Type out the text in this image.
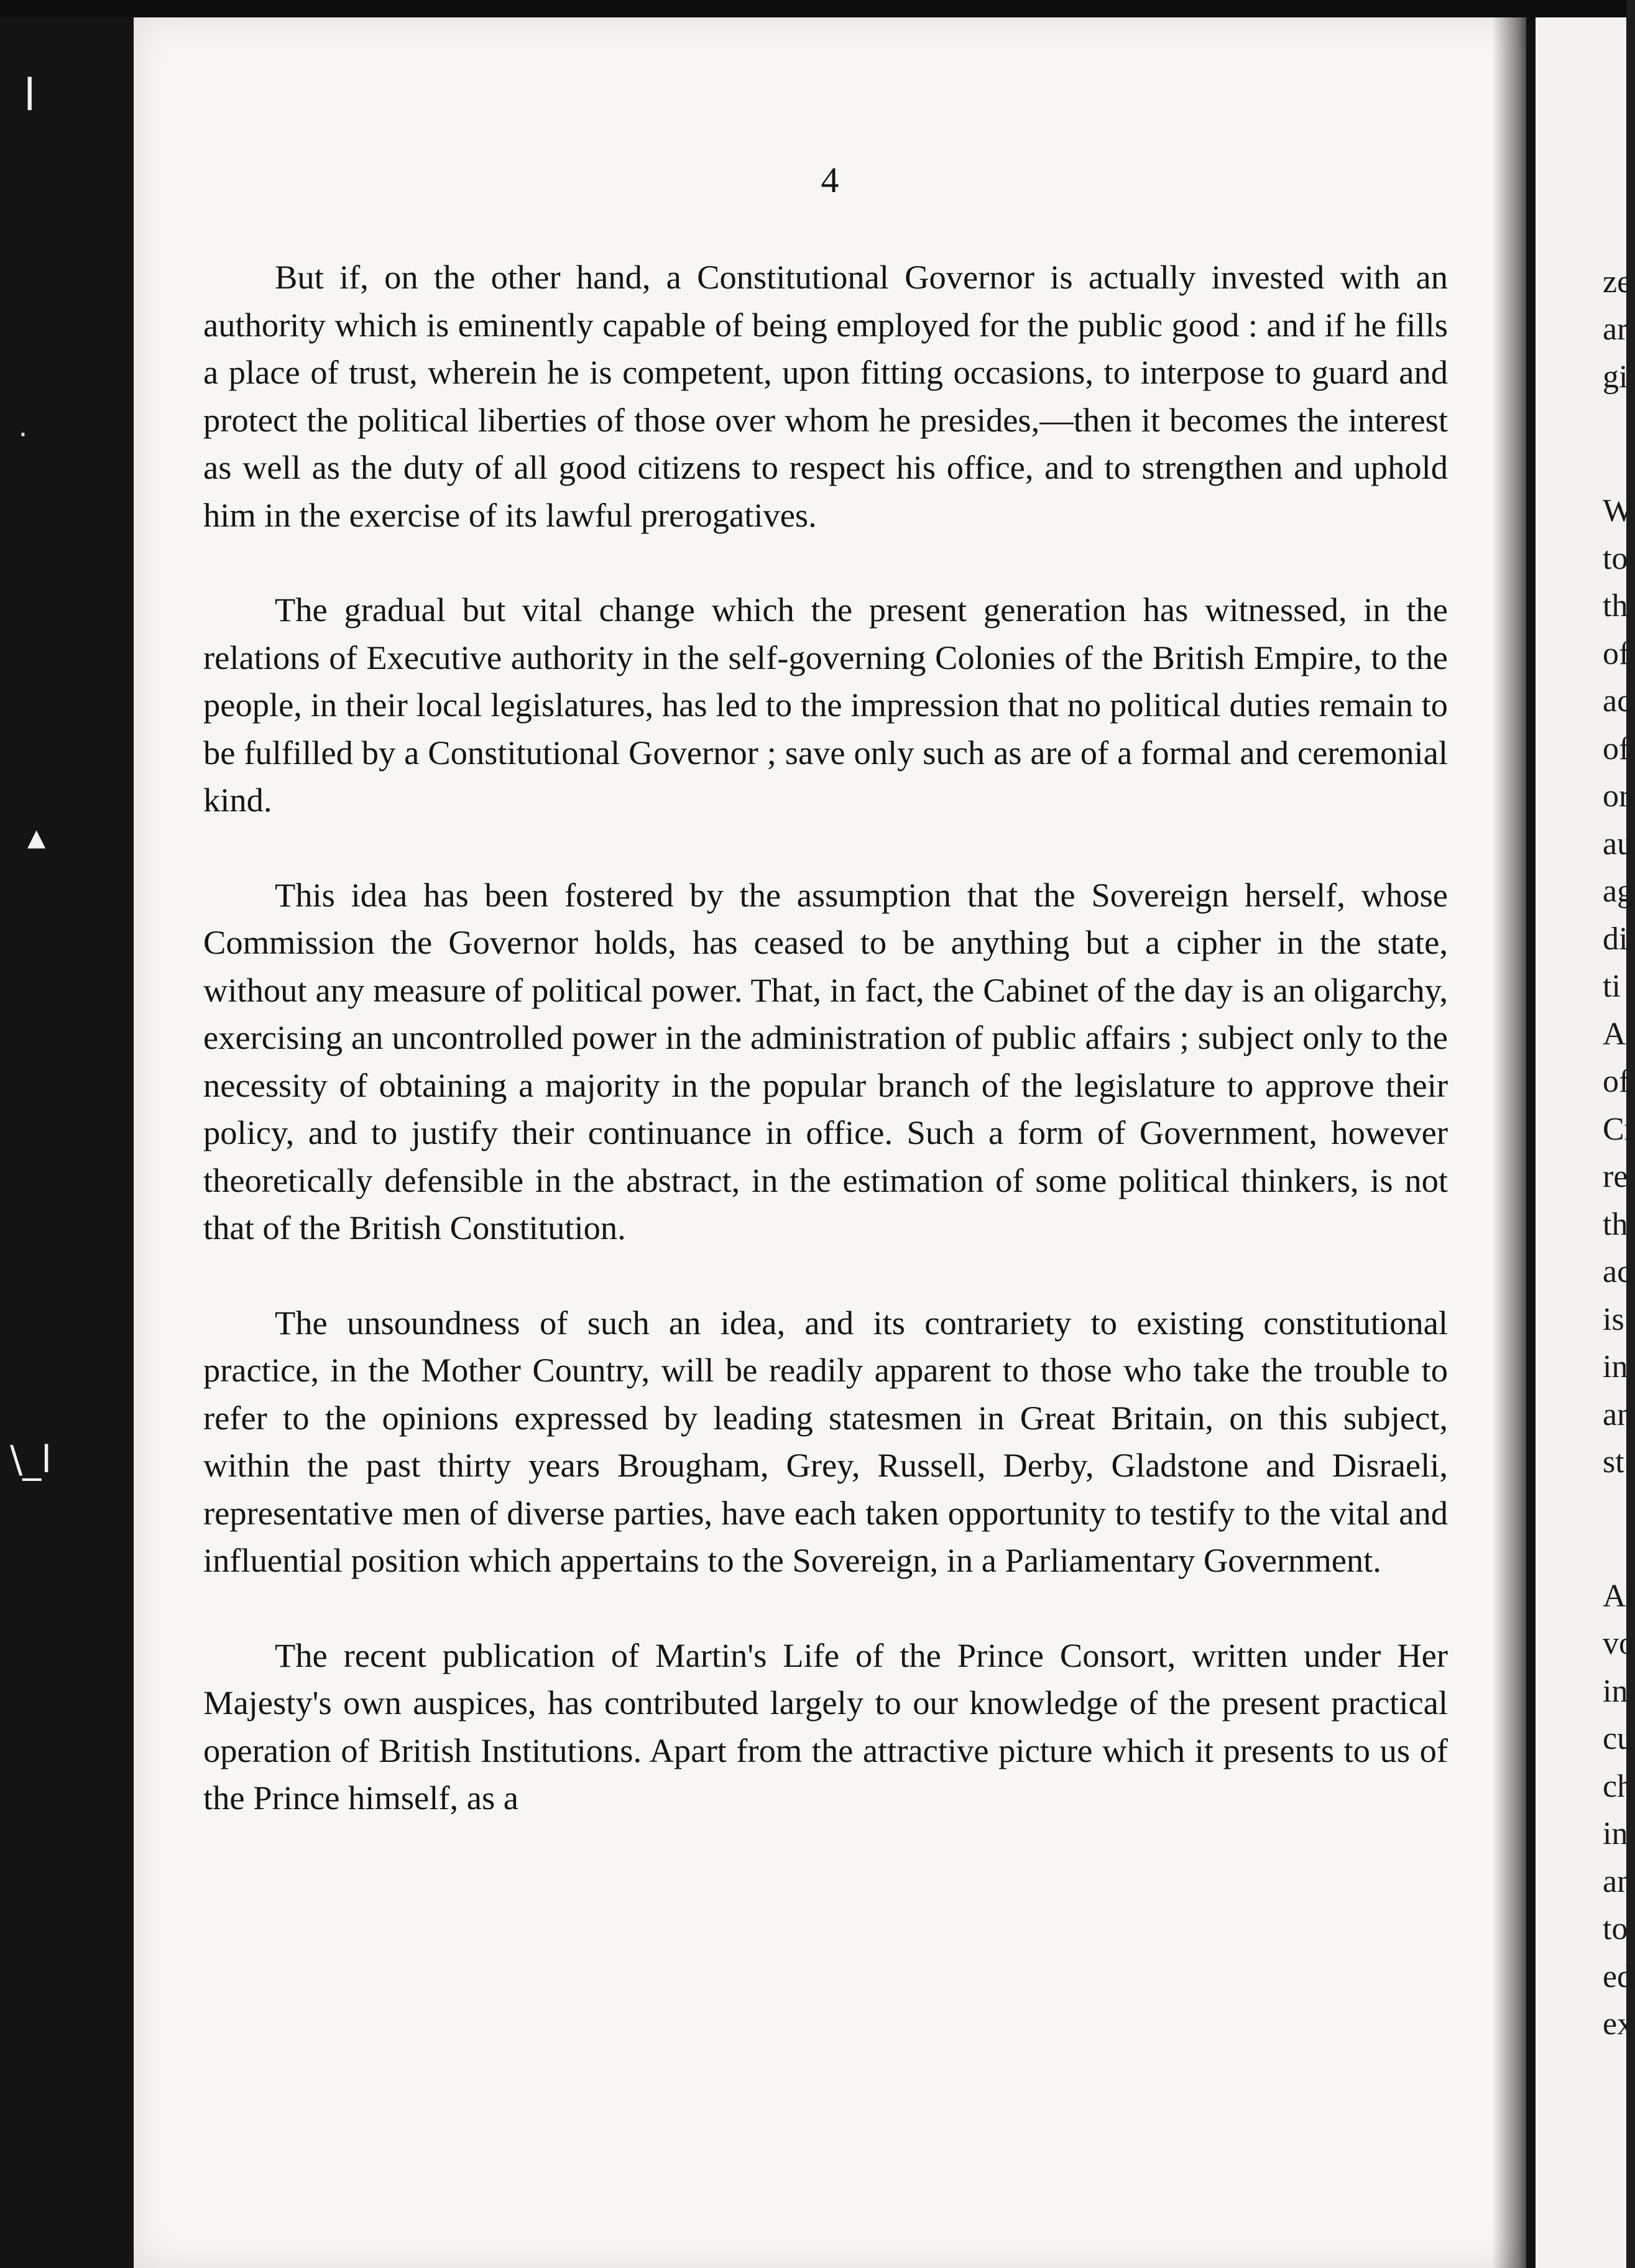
l
·
▲
\_l
4

But if, on the other hand, a Constitutional Governor is actually invested with an authority which is eminently capable of being employed for the public good : and if he fills a place of trust, wherein he is competent, upon fitting occasions, to interpose to guard and protect the political liberties of those over whom he presides,—then it becomes the interest as well as the duty of all good citizens to respect his office, and to strengthen and uphold him in the exercise of its lawful prerogatives.

The gradual but vital change which the present generation has witnessed, in the relations of Executive authority in the self-governing Colonies of the British Empire, to the people, in their local legislatures, has led to the impression that no political duties remain to be fulfilled by a Constitutional Governor ; save only such as are of a formal and ceremonial kind.

This idea has been fostered by the assumption that the Sovereign herself, whose Commission the Governor holds, has ceased to be anything but a cipher in the state, without any measure of political power. That, in fact, the Cabinet of the day is an oligarchy, exercising an uncontrolled power in the administration of public affairs ; subject only to the necessity of obtaining a majority in the popular branch of the legislature to approve their policy, and to justify their continuance in office. Such a form of Government, however theoretically defensible in the abstract, in the estimation of some political thinkers, is not that of the British Constitution.

The unsoundness of such an idea, and its contrariety to existing constitutional practice, in the Mother Country, will be readily apparent to those who take the trouble to refer to the opinions expressed by leading statesmen in Great Britain, on this subject, within the past thirty years Brougham, Grey, Russell, Derby, Gladstone and Disraeli, representative men of diverse parties, have each taken opportunity to testify to the vital and influential position which appertains to the Sovereign, in a Parliamentary Government.

The recent publication of Martin's Life of the Prince Consort, written under Her Majesty's own auspices, has contributed largely to our knowledge of the present practical operation of British Institutions. Apart from the attractive picture which it presents to us of the Prince himself, as a

ze
ar
gi
W
to
th
of
ac
of
or
au
ag
di
ti
A
of
Cr
re
th
ac
is
in
an
st
Al
vo
in
cu
ch
in
an
to
ed
ex
